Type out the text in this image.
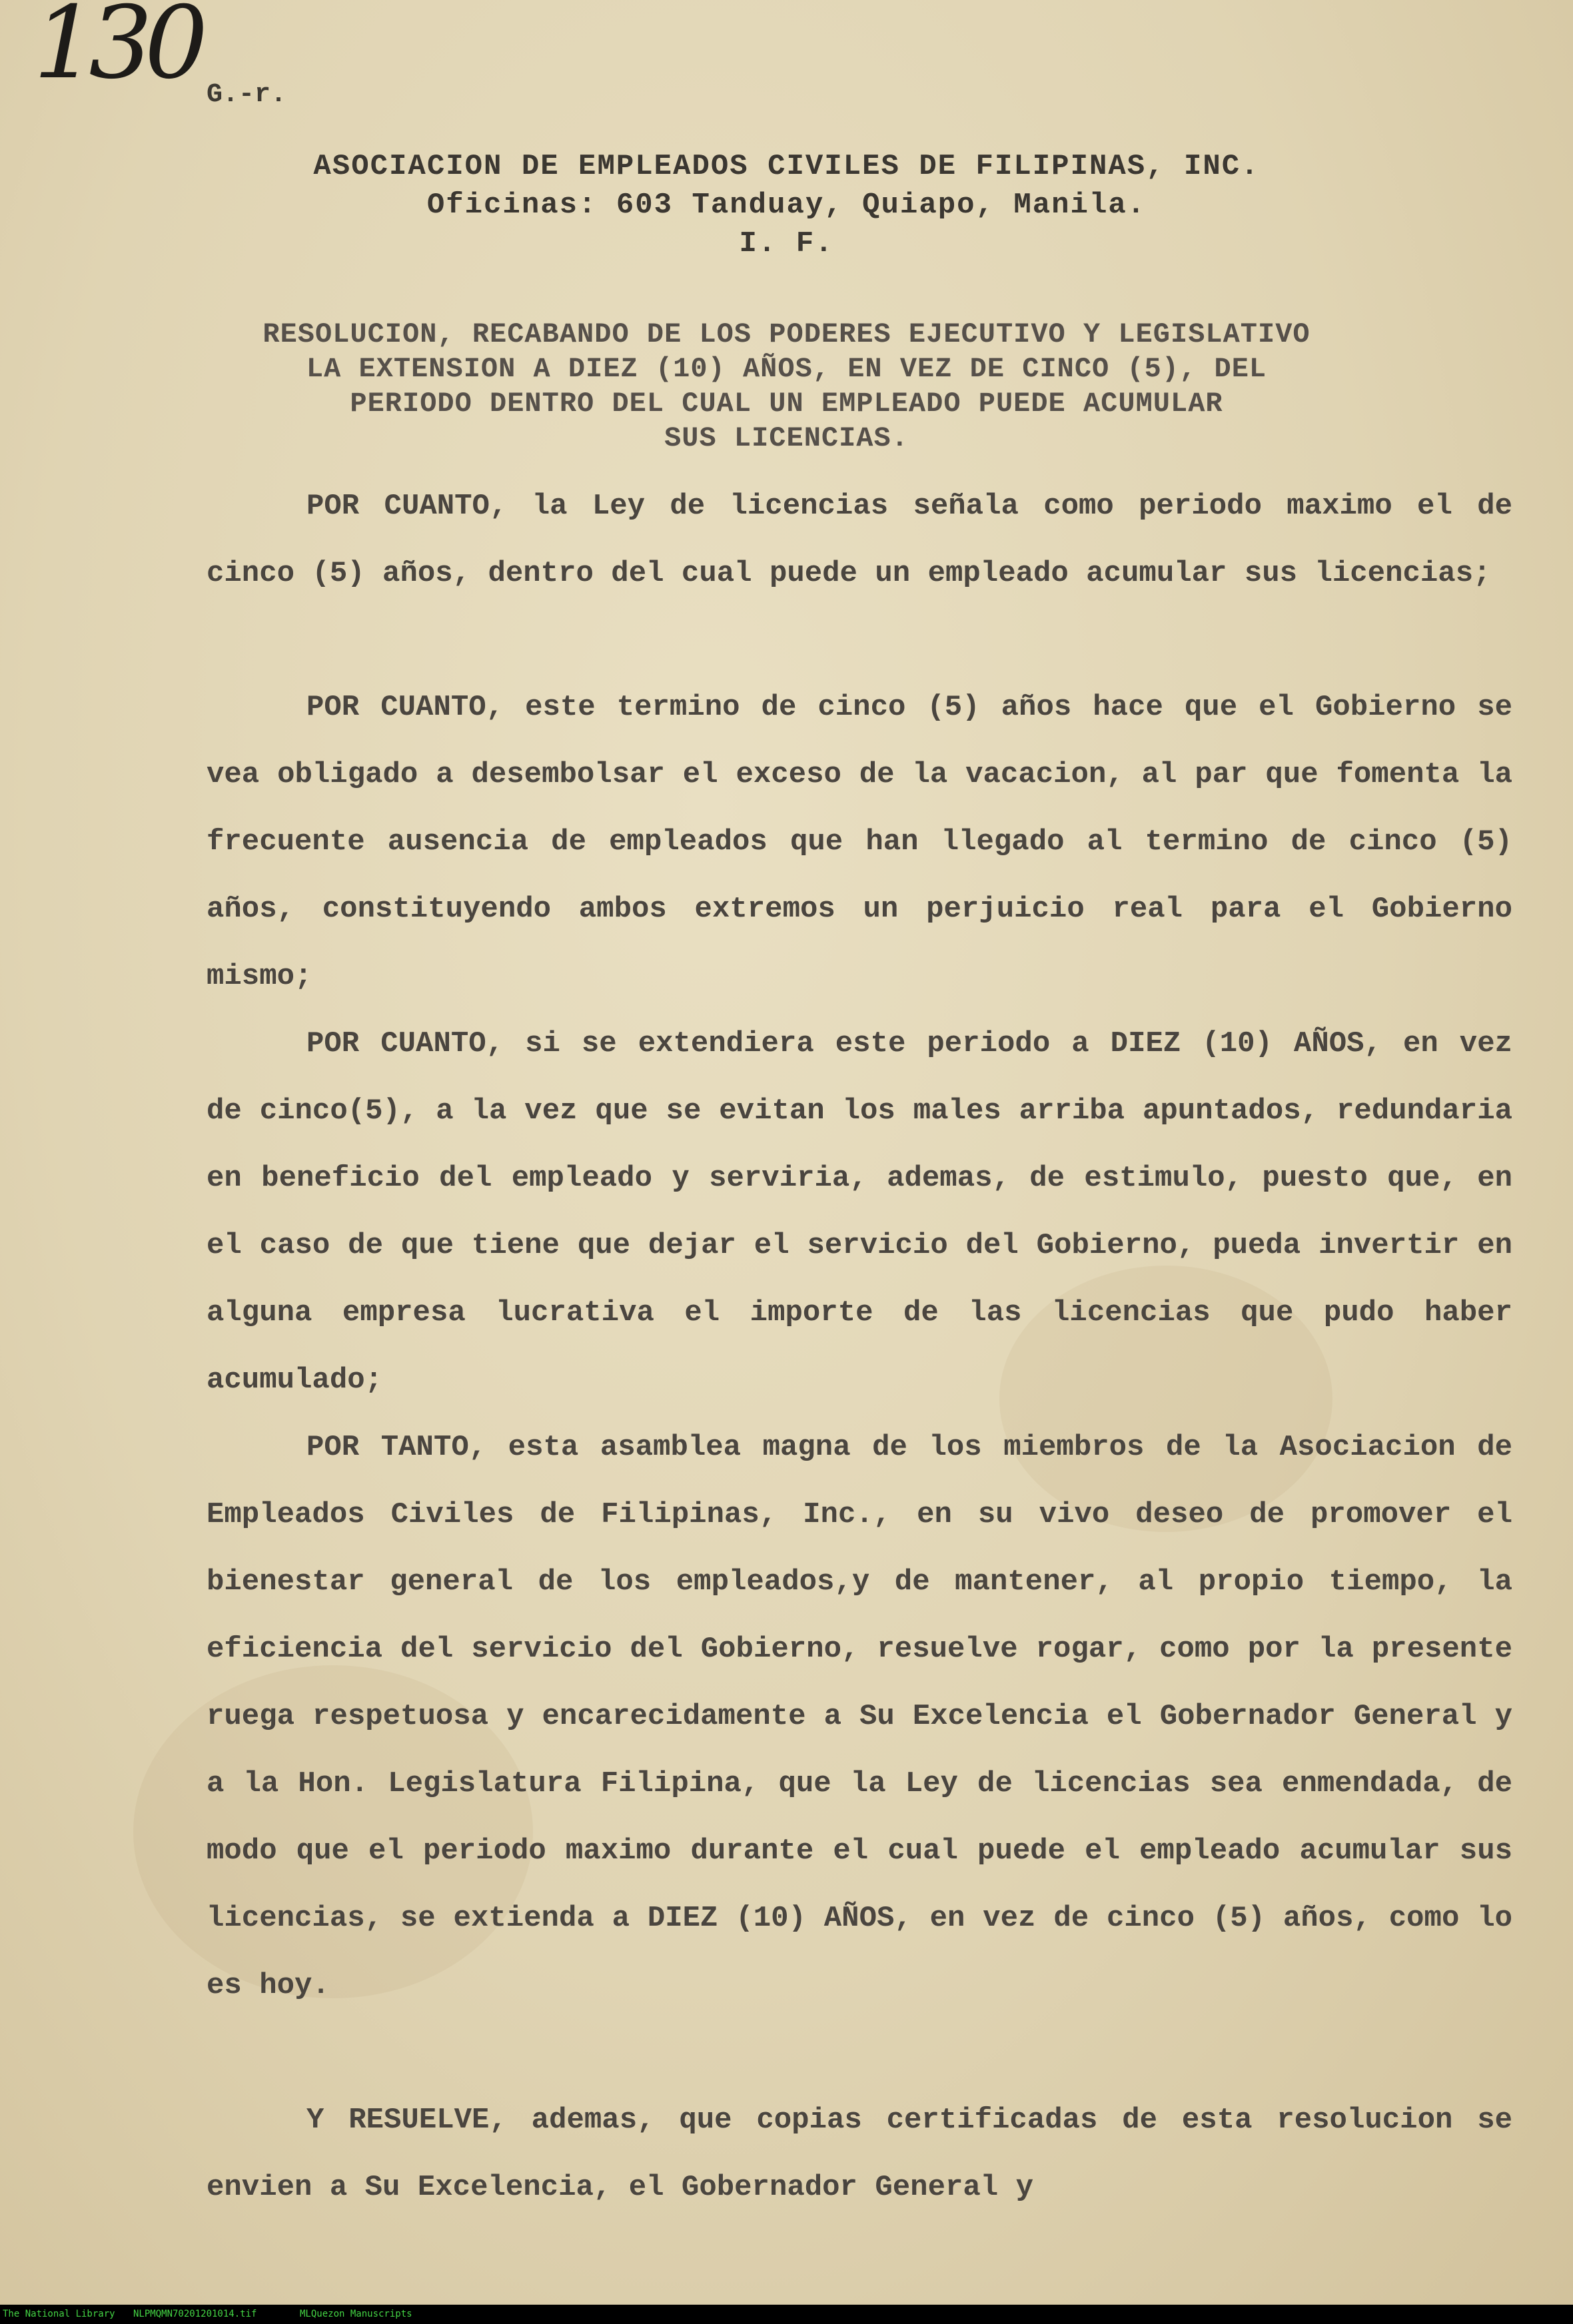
130 G.-r.
ASOCIACION DE EMPLEADOS CIVILES DE FILIPINAS, INC.
Oficinas: 603 Tanduay, Quiapo, Manila.
I. F.
RESOLUCION, RECABANDO DE LOS PODERES EJECUTIVO Y LEGISLATIVO
LA EXTENSION A DIEZ (10) AÑOS, EN VEZ DE CINCO (5), DEL
PERIODO DENTRO DEL CUAL UN EMPLEADO PUEDE ACUMULAR
SUS LICENCIAS.

POR CUANTO, la Ley de licencias señala como periodo maximo el de cinco (5) años, dentro del cual puede un empleado acumular sus licencias;

POR CUANTO, este termino de cinco (5) años hace que el Gobierno se vea obligado a desembolsar el exceso de la vacacion, al par que fomenta la frecuente ausencia de empleados que han llegado al termino de cinco (5) años, constituyendo ambos extremos un perjuicio real para el Gobierno mismo;

POR CUANTO, si se extendiera este periodo a DIEZ (10) AÑOS, en vez de cinco(5), a la vez que se evitan los males arriba apuntados, redundaria en beneficio del empleado y serviria, ademas, de estimulo, puesto que, en el caso de que tiene que dejar el servicio del Gobierno, pueda invertir en alguna empresa lucrativa el importe de las licencias que pudo haber acumulado;

POR TANTO, esta asamblea magna de los miembros de la Asociacion de Empleados Civiles de Filipinas, Inc., en su vivo deseo de promover el bienestar general de los empleados,y de mantener, al propio tiempo, la eficiencia del servicio del Gobierno, resuelve rogar, como por la presente ruega respetuosa y encarecidamente a Su Excelencia el Gobernador General y a la Hon. Legislatura Filipina, que la Ley de licencias sea enmendada, de modo que el periodo maximo durante el cual puede el empleado acumular sus licencias, se extienda a DIEZ (10) AÑOS, en vez de cinco (5) años, como lo es hoy.

Y RESUELVE, ademas, que copias certificadas de esta resolucion se envien a Su Excelencia, el Gobernador General y

The National Library NLPMQMN70201201014.tif	MLQuezon Manuscripts
